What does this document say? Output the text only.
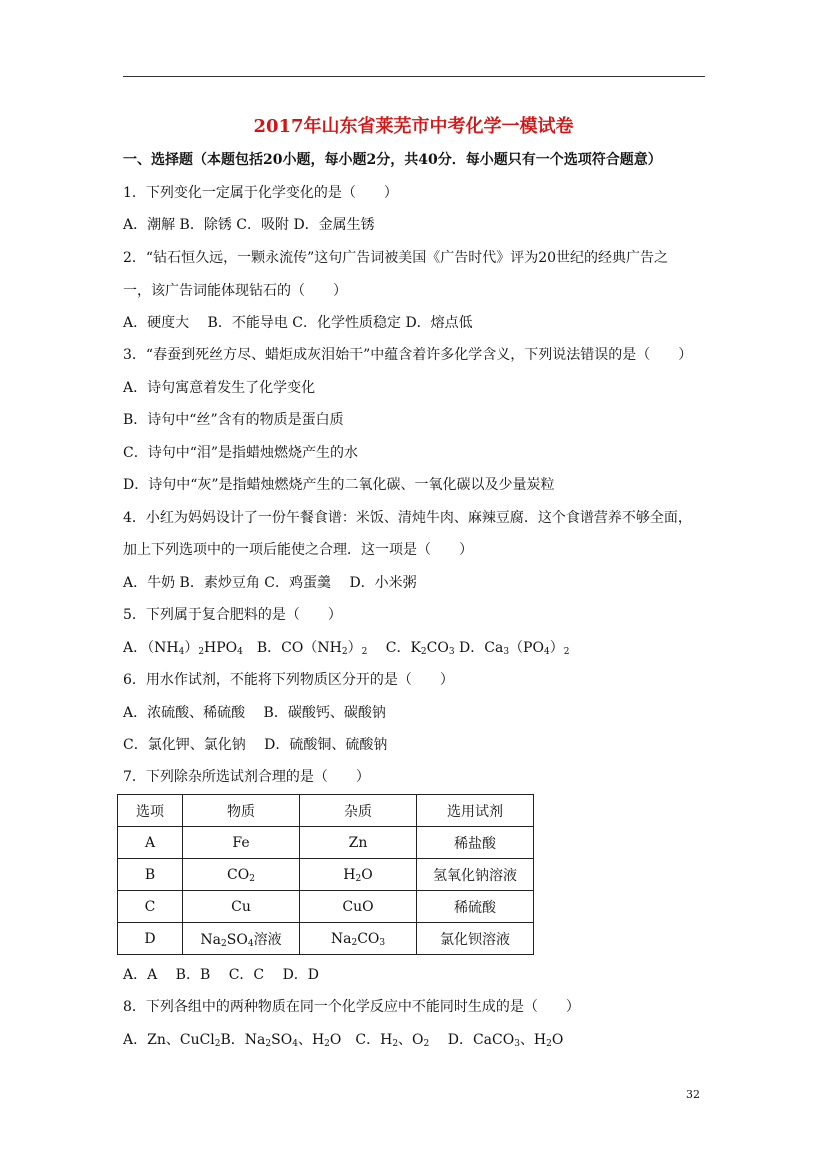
2017年山东省莱芜市中考化学一模试卷
一、选择题（本题包括20小题，每小题2分，共40分．每小题只有一个选项符合题意）
1．下列变化一定属于化学变化的是（　　）
A．潮解 B．除锈 C．吸附 D．金属生锈
2．“钻石恒久远，一颗永流传”这句广告词被美国《广告时代》评为20世纪的经典广告之
一，该广告词能体现钻石的（　　）
A．硬度大　 B．不能导电 C．化学性质稳定 D．熔点低
3．“春蚕到死丝方尽、蜡炬成灰泪始干”中蕴含着许多化学含义，下列说法错误的是（　　）
A．诗句寓意着发生了化学变化
B．诗句中“丝”含有的物质是蛋白质
C．诗句中“泪”是指蜡烛燃烧产生的水
D．诗句中“灰”是指蜡烛燃烧产生的二氧化碳、一氧化碳以及少量炭粒
4．小红为妈妈设计了一份午餐食谱：米饭、清炖牛肉、麻辣豆腐．这个食谱营养不够全面，
加上下列选项中的一项后能使之合理．这一项是（　　）
A．牛奶 B．素炒豆角 C．鸡蛋羹　 D．小米粥
5．下列属于复合肥料的是（　　）
A．$(NH_4)_2HPO_4$　B．$CO(NH_2)_2$　 C．$K_2CO_3$ D．$Ca_3(PO_4)_2$
6．用水作试剂，不能将下列物质区分开的是（　　）
A．浓硫酸、稀硫酸　 B．碳酸钙、碳酸钠
C．氯化钾、氯化钠　 D．硫酸铜、硫酸钠
7．下列除杂所选试剂合理的是（　　）
选项	物质	杂质	选用试剂
A	Fe	Zn	稀盐酸
B	$CO_2$	$H_2O$	氢氧化钠溶液
C	Cu	CuO	稀硫酸
D	$Na_2SO_4$溶液	$Na_2CO_3$	氯化钡溶液
A．A　 B．B　 C．C　 D．D
8．下列各组中的两种物质在同一个化学反应中不能同时生成的是（　　）
A．Zn、CuCl$_2$B．$Na_2SO_4$、$H_2O$　C．$H_2$、$O_2$　 D．CaCO$_3$、$H_2O$
32
